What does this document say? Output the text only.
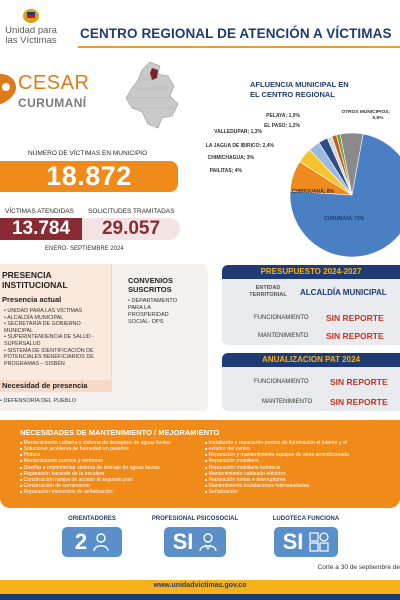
Unidad para las Víctimas	CENTRO REGIONAL DE ATENCIÓN A VÍCTIMAS
CESAR
CURUMANÍ
NÚMERO DE VÍCTIMAS EN MUNICIPIO
18.872
VÍCTIMAS ATENDIDAS SOLICITUDES TRAMITADAS
13.784	29.057
ENERO- SEPTIEMBRE 2024
AFLUENCIA MUNICIPAL EN EL CENTRO REGIONAL
CURUMANÍ; 73%
CHIRIGUANÁ; 8%
PAILITAS; 4%
CHIMICHAGUA; 3%
LA JAGUA DE IBIRICO; 2,4%
VALLEDUPAR; 1,3%
EL PASO; 1,2%
PELAYA; 1,0%	5,9%
OTROS MUNICIPIOS;
PRESENCIA
INSTITUCIONAL
Presencia actual
• UNIDAD PARA LAS VÍCTIMAS
• ALCALDÍA MUNICIPAL
• SECRETARÍA DE GOBIERNO
MUNICIPAL
• SUPERINTENDENCIA DE SALUD -
SUPERSALUD
• SISTEMA DE IDENTIFICACIÓN DE
POTENCIALES BENEFICIARIOS DE
PROGRAMAS – SISBÉN
CONVENIOS
SUSCRITOS
• DEPARTAMENTO
PARA LA
PROSPERIDAD
SOCIAL- DPS
Necesidad de presencia
• DEFENSORÍA DEL PUEBLO
PRESUPUESTO 2024-2027
ENTIDAD TERRITORIAL ALCALDÍA MUNICIPAL
FUNCIONAMIENTO SIN REPORTE
MANTENIMIENTO SIN REPORTE
ANUALIZACION PAT 2024
FUNCIONAMIENTO	SIN REPORTE
MANTENIMIENTO SIN REPORTE
NECESIDADES DE MANTENIMIENTO / MEJORAMIENTO
■ Mantenimiento cubierta y sistema de desagües de aguas lluvias
■ Solucionar problema de humedad en paredes
■ Pintura
■ Mantenimiento puertas y ventanas
■ Diseñar e implementar sistema de drenaje de aguas lluvias
■ Reparación barande de la escalera
■ Construcción rampa de acceso al segundo piso
■ Construcción de cerramiento
■ Reparación elementos de señalización
■ Instalación y reparación puntos de iluminación el interior y el
■ exterior del centro
■ Reparación y mantenimiento equipos de aires acondicionado
■ Reparación mobiliario
■ Reparación mobiliario ludoteca
■ Mantenimiento cableado eléctrico
■ Reparación tomas e interruptores
■ Mantenimiento instalaciones hidrosanitarias
■ Señalización
ORIENTADORES	PROFESIONAL PSICOSOCIAL	LUDOTECA FUNCIONA
2	SI	SI
Corte a 30 de septiembre de
www.unidadvictimas.gov.co
